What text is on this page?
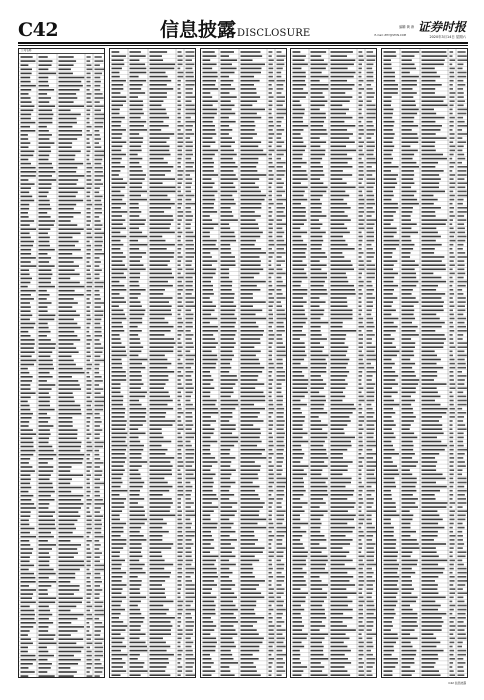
C42	信息披露DISCLOSURE
编辑 黄 涛 证券时报
E-mail: ZHY@STCN.COM	2020年3月14日 星期六
公司名称
C42 信息披露
